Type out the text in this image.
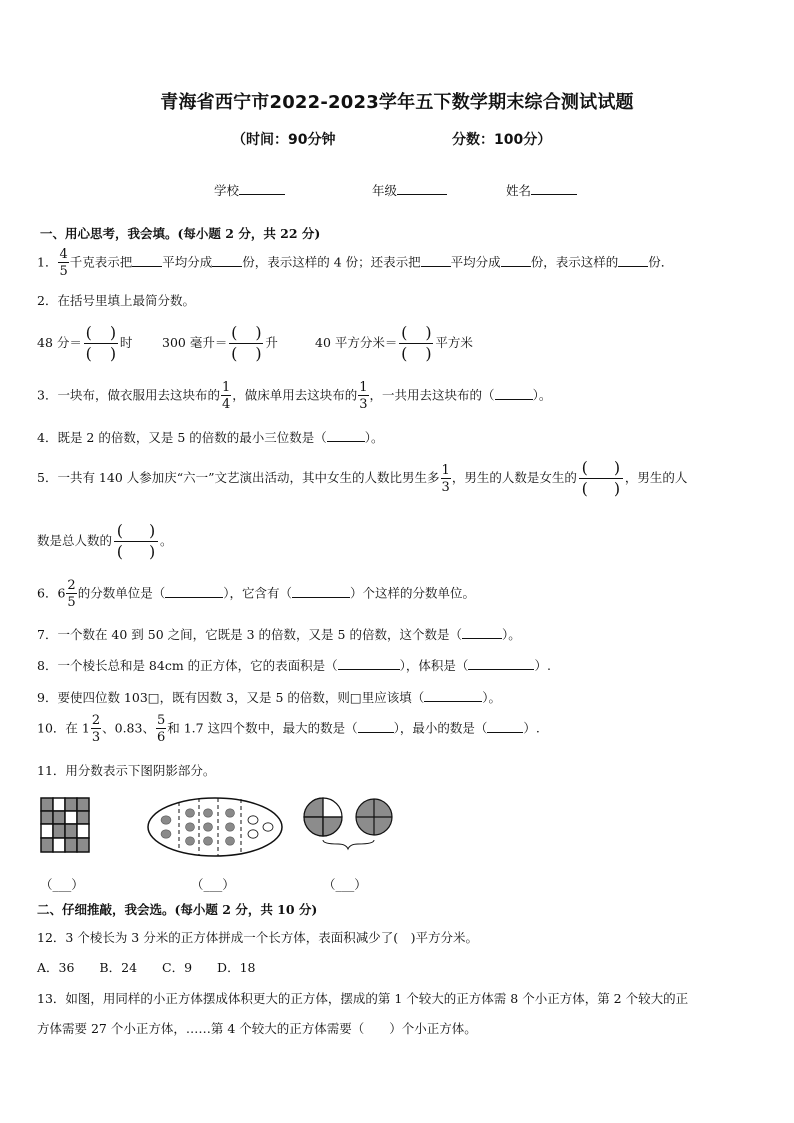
青海省西宁市2022-2023学年五下数学期末综合测试试题
（时间：90分钟	分数：100分）
学校	年级	姓名
一、用心思考，我会填。(每小题 2 分，共 22 分)
1． $\frac{4}{5}$ 千克表示把 平均分成 份，表示这样的 4 份；还表示把 平均分成 份，表示这样的 份．
2．在括号里填上最简分数。
48 分＝
( )
( )
时 300 毫升＝
( )
( )
升	40 平方分米＝
( )
( )
平方米
3．一块布，做衣服用去这块布的 $\frac{1}{4}$ ，做床单用去这块布的 $\frac{1}{3}$ ，一共用去这块布的（	）。
4．既是 2 的倍数，又是 5 的倍数的最小三位数是（	）。
5．一共有 140 人参加庆“六一”文艺演出活动，其中女生的人数比男生多 $\frac{1}{3}$ ，男生的人数是女生的
( )
( )
，男生的人
数是总人数的
( )
( )
。
6．$6 \frac{2}{5}$ 的分数单位是（	），它含有（	）个这样的分数单位。
7．一个数在 40 到 50 之间，它既是 3 的倍数，又是 5 的倍数，这个数是（	）。
8．一个棱长总和是 84cm 的正方体，它的表面积是（	），体积是（	）.
9．要使四位数 103□，既有因数 3，又是 5 的倍数，则□里应该填（	）。
10．在 $1 \frac{2}{3}$ 、0.83、 $\frac{5}{6}$ 和 1.7 这四个数中，最大的数是（	），最小的数是（	）.
11．用分数表示下图阴影部分。
（___）	（___）	（___）
二、仔细推敲，我会选。(每小题 2 分，共 10 分)
12．3 个棱长为 3 分米的正方体拼成一个长方体，表面积减少了(　)平方分米。
A．36　　B．24　　C．9　　D．18
13．如图，用同样的小正方体摆成体积更大的正方体，摆成的第 1 个较大的正方体需 8 个小正方体，第 2 个较大的正
方体需要 27 个小正方体，……第 4 个较大的正方体需要（　　）个小正方体。
